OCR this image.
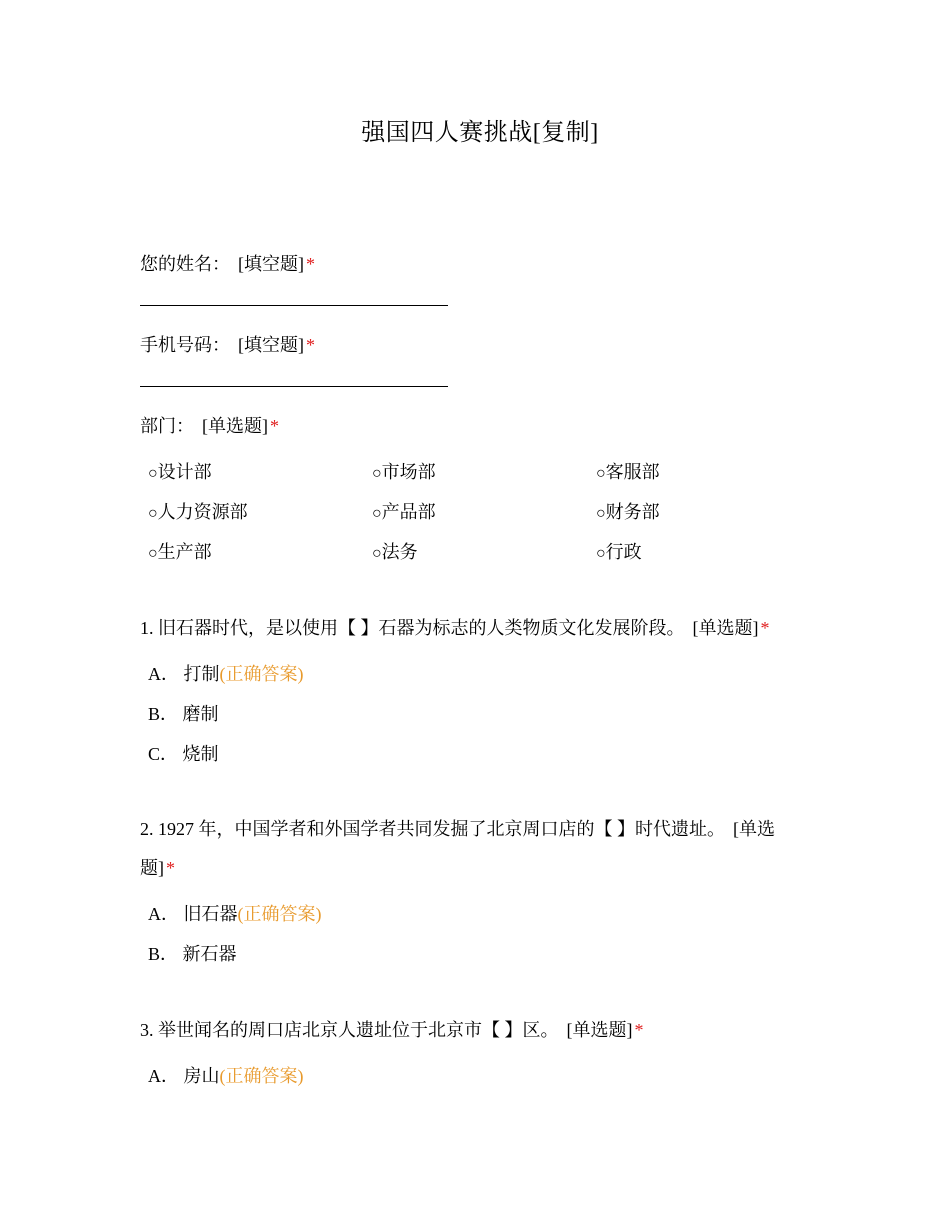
强国四人赛挑战[复制]
您的姓名： [填空题] *
手机号码： [填空题] *
部门： [单选题] *
○设计部	○市场部	○客服部
○人力资源部	○产品部	○财务部
○生产部	○法务	○行政
1. 旧石器时代，是以使用【 】石器为标志的人类物质文化发展阶段。 [单选题] *
A． 打制(正确答案)
B． 磨制
C． 烧制
2. 1927 年，中国学者和外国学者共同发掘了北京周口店的【 】时代遗址。 [单选题] *
A． 旧石器(正确答案)
B． 新石器
3. 举世闻名的周口店北京人遗址位于北京市【 】区。 [单选题] *
A． 房山(正确答案)
